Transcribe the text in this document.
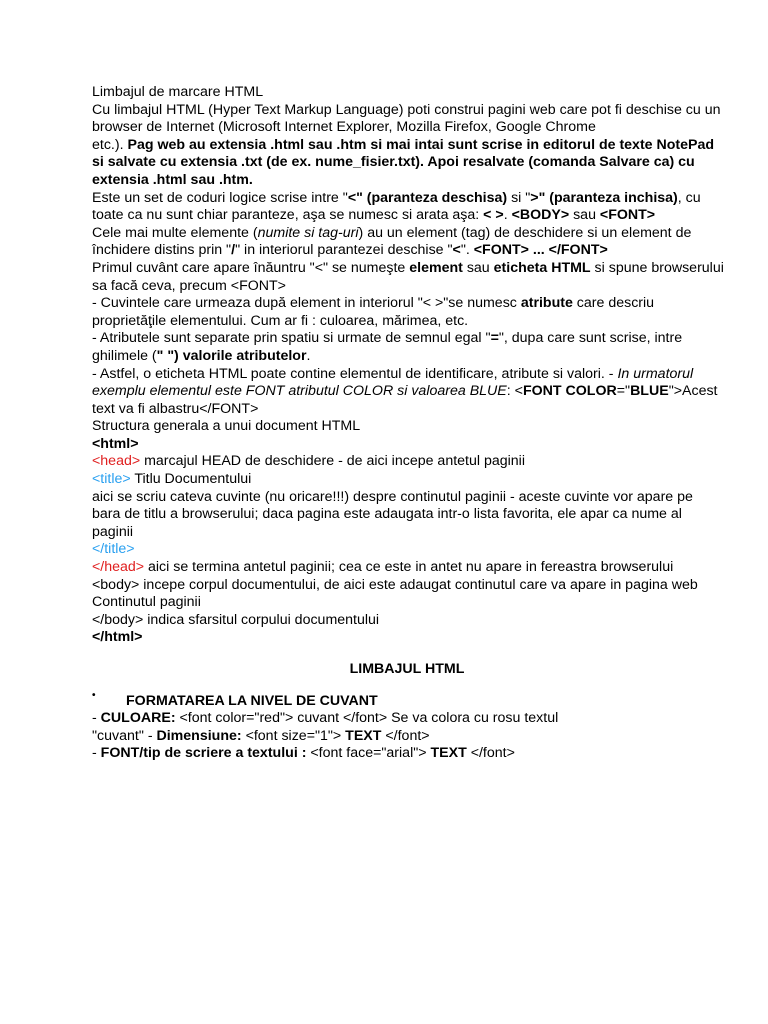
Limbajul de marcare HTML

Cu limbajul HTML (Hyper Text Markup Language) poti construi pagini web care pot fi deschise cu un browser de Internet (Microsoft Internet Explorer, Mozilla Firefox, Google Chrome

etc.). Pag web au extensia .html sau .htm si mai intai sunt scrise in editorul de texte NotePad si salvate cu extensia .txt (de ex. nume_fisier.txt). Apoi resalvate (comanda Salvare ca) cu extensia .html sau .htm.

Este un set de coduri logice scrise intre "<" (paranteza deschisa) si ">" (paranteza inchisa), cu

toate ca nu sunt chiar paranteze, aşa se numesc si arata aşa: < >. <BODY> sau <FONT>

Cele mai multe elemente (numite si tag-uri) au un element (tag) de deschidere si un element de închidere distins prin "/" in interiorul parantezei deschise "<". <FONT> ... </FONT>

Primul cuvânt care apare înăuntru "<" se numeşte element sau eticheta HTML si spune browserului

sa facă ceva, precum <FONT>

- Cuvintele care urmeaza după element in interiorul "< >"se numesc atribute care descriu proprietăţile elementului. Cum ar fi : culoarea, mărimea, etc.

- Atributele sunt separate prin spatiu si urmate de semnul egal "=", dupa care sunt scrise, intre

ghilimele (" ") valorile atributelor.

- Astfel, o eticheta HTML poate contine elementul de identificare, atribute si valori. - In urmatorul exemplu elementul este FONT atributul COLOR si valoarea BLUE: <FONT COLOR="BLUE">Acest text va fi albastru</FONT>

Structura generala a unui document HTML

<html>

<head> marcajul HEAD de deschidere - de aici incepe antetul paginii

<title> Titlu Documentului

aici se scriu cateva cuvinte (nu oricare!!!) despre continutul paginii - aceste cuvinte vor apare pe

bara de titlu a browserului; daca pagina este adaugata intr-o lista favorita, ele apar ca nume al

paginii

</title>

</head> aici se termina antetul paginii; cea ce este in antet nu apare in fereastra browserului

<body> incepe corpul documentului, de aici este adaugat continutul care va apare in pagina web

Continutul paginii

</body> indica sfarsitul corpului documentului

</html>

LIMBAJUL HTML

• FORMATAREA LA NIVEL DE CUVANT

- CULOARE: <font color="red"> cuvant </font> Se va colora cu rosu textul

"cuvant" - Dimensiune: <font size="1"> TEXT </font>

- FONT/tip de scriere a textului : <font face="arial"> TEXT </font>
